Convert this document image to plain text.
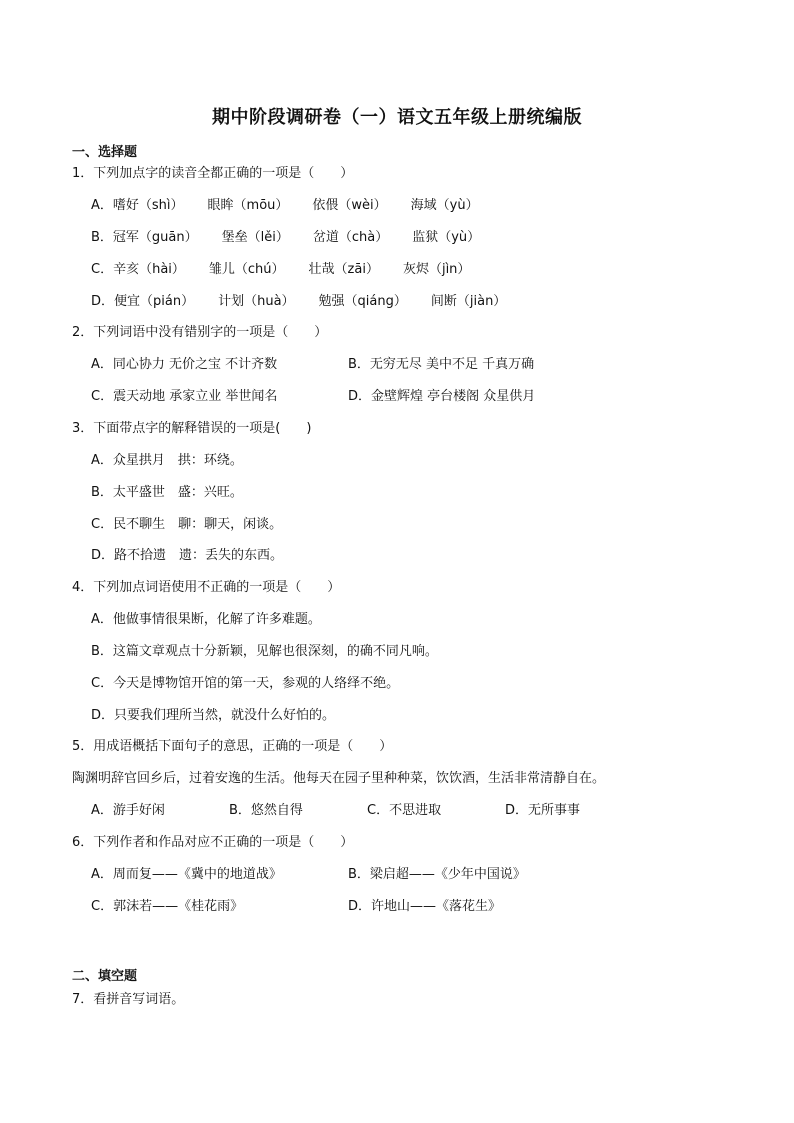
期中阶段调研卷（一）语文五年级上册统编版
一、选择题
1．下列加点字的读音全都正确的一项是（　　）
A．嗜好（shì） 眼眸（mōu） 依偎（wèi） 海域（yù）
B．冠军（guān） 堡垒（lěi） 岔道（chà） 监狱（yù）
C．辛亥（hài） 雏儿（chú） 壮哉（zāi） 灰烬（jìn）
D．便宜（pián） 计划（huà） 勉强（qiáng） 间断（jiàn）
2．下列词语中没有错别字的一项是（　　）
A．同心协力 无价之宝 不计齐数	B．无穷无尽 美中不足 千真万确
C．震天动地 承家立业 举世闻名	D．金壁辉煌 亭台楼阁 众星供月
3．下面带点字的解释错误的一项是(　　)
A．众星拱月　拱：环绕。
B．太平盛世　盛：兴旺。
C．民不聊生　聊：聊天，闲谈。
D．路不拾遗　遗：丢失的东西。
4．下列加点词语使用不正确的一项是（　　）
A．他做事情很果断，化解了许多难题。
B．这篇文章观点十分新颖，见解也很深刻，的确不同凡响。
C．今天是博物馆开馆的第一天，参观的人络绎不绝。
D．只要我们理所当然，就没什么好怕的。
5．用成语概括下面句子的意思，正确的一项是（　　）
陶渊明辞官回乡后，过着安逸的生活。他每天在园子里种种菜，饮饮酒，生活非常清静自在。
A．游手好闲	B．悠然自得	C．不思进取	D．无所事事
6．下列作者和作品对应不正确的一项是（　　）
A．周而复——《冀中的地道战》	B．梁启超——《少年中国说》
C．郭沫若——《桂花雨》	D．许地山——《落花生》
二、填空题
7．看拼音写词语。
